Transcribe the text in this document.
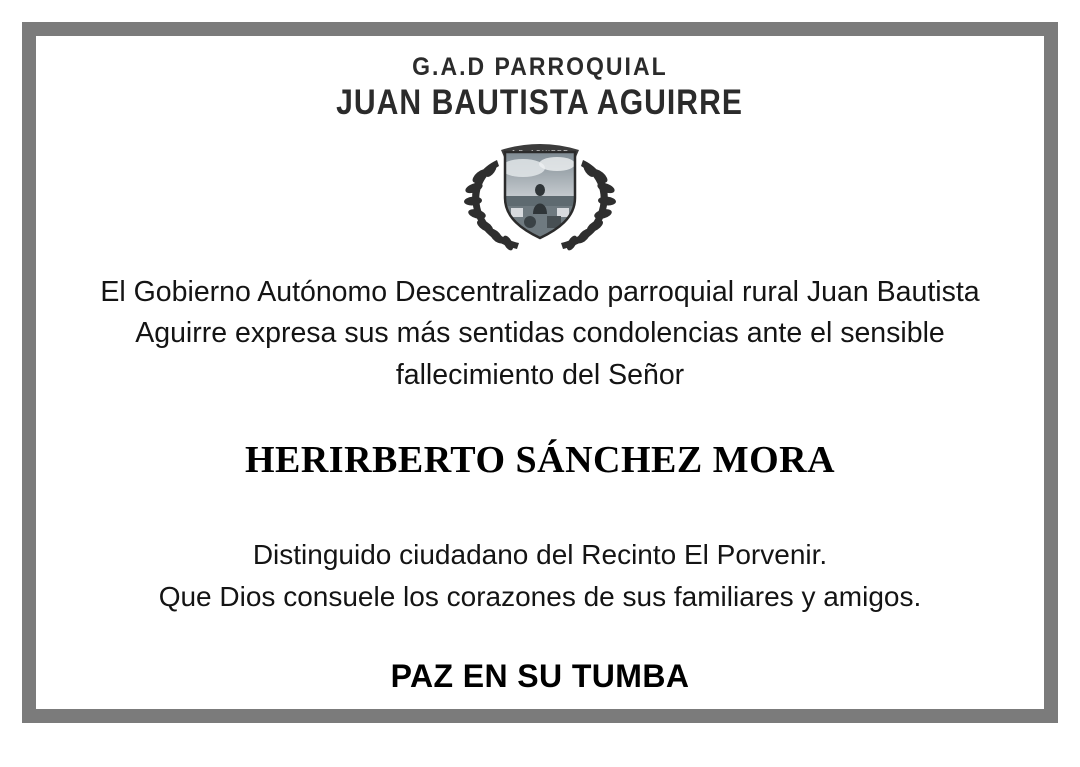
G.A.D PARROQUIAL
JUAN BAUTISTA AGUIRRE
El Gobierno Autónomo Descentralizado parroquial rural Juan Bautista Aguirre expresa sus más sentidas condolencias ante el sensible fallecimiento del Señor
HERIRBERTO SÁNCHEZ MORA
Distinguido ciudadano del Recinto El Porvenir.
Que Dios consuele los corazones de sus familiares y amigos.
PAZ EN SU TUMBA
